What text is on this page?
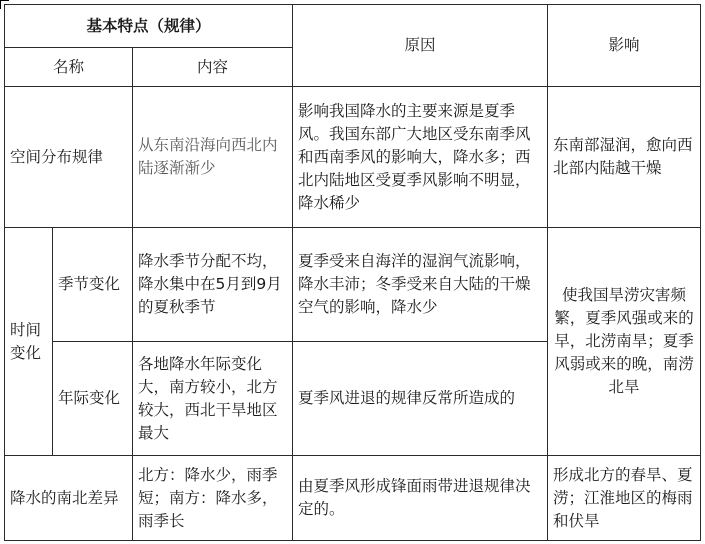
基本特点（规律）			原因	影响
名称		内容		
空间分布规律		从东南沿海向西北内陆逐渐渐少	影响我国降水的主要来源是夏季风。我国东部广大地区受东南季风和西南季风的影响大，降水多；西北内陆地区受夏季风影响不明显，降水稀少	东南部湿润，愈向西北部内陆越干燥
时间变化	季节变化	降水季节分配不均，降水集中在5月到9月的夏秋季节	夏季受来自海洋的湿润气流影响，降水丰沛；冬季受来自大陆的干燥空气的影响，降水少	使我国旱涝灾害频繁，夏季风强或来的早，北涝南旱；夏季风弱或来的晚，南涝北旱
	年际变化	各地降水年际变化大，南方较小，北方较大，西北干旱地区最大	夏季风进退的规律反常所造成的	
降水的南北差异		北方：降水少，雨季短；南方：降水多，雨季长	由夏季风形成锋面雨带进退规律决定的。	形成北方的春旱、夏涝；江淮地区的梅雨和伏旱
